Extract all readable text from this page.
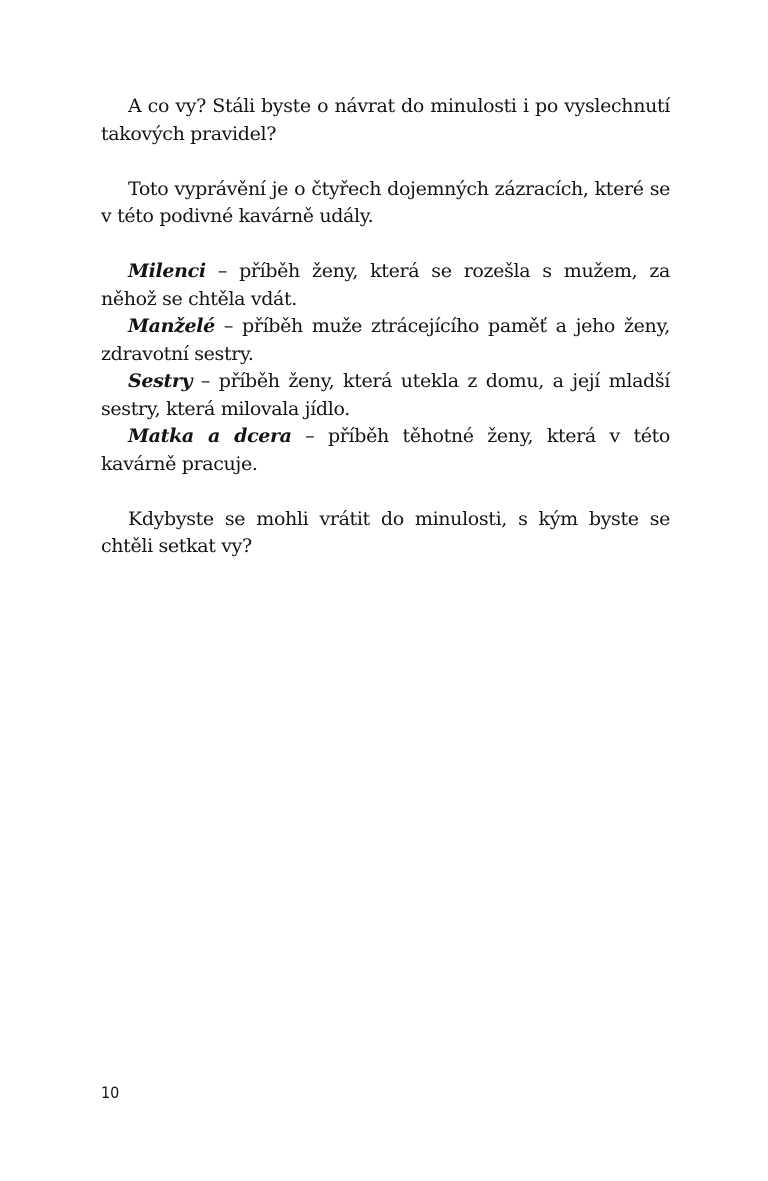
A co vy? Stáli byste o návrat do minulosti i po vyslechnutí takových pravidel?

Toto vyprávění je o čtyřech dojemných zázracích, které se v této podivné kavárně udály.

Milenci – příběh ženy, která se rozešla s mužem, za něhož se chtěla vdát.

Manželé – příběh muže ztrácejícího paměť a jeho ženy, zdravotní sestry.

Sestry – příběh ženy, která utekla z domu, a její mladší sestry, která milovala jídlo.

Matka a dcera – příběh těhotné ženy, která v této kavárně pracuje.

Kdybyste se mohli vrátit do minulosti, s kým byste se chtěli setkat vy?

10
